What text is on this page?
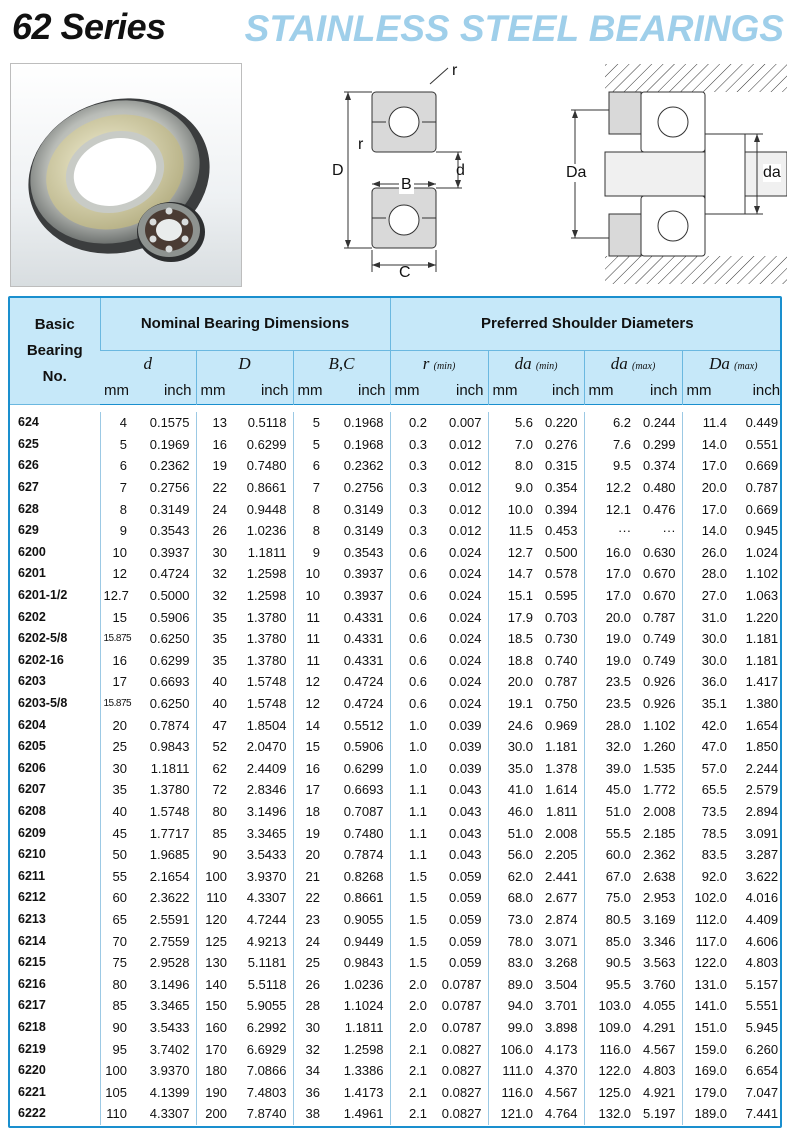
62 Series STAINLESS STEEL BEARINGS
r
r
D	d
B
C
Da	da
Basic
Bearing
No.	Nominal Bearing Dimensions						Preferred Shoulder Diameters							
	d		D		B,C		r (min)		da (min)		da (max)		Da (max)	
	mm	inch	mm	inch	mm	inch	mm	inch	mm	inch	mm	inch	mm	inch

624	4	0.1575	13	0.5118	5	0.1968	0.2	0.007	5.6	0.220	6.2	0.244	11.4	0.449
625	5	0.1969	16	0.6299	5	0.1968	0.3	0.012	7.0	0.276	7.6	0.299	14.0	0.551
626	6	0.2362	19	0.7480	6	0.2362	0.3	0.012	8.0	0.315	9.5	0.374	17.0	0.669
627	7	0.2756	22	0.8661	7	0.2756	0.3	0.012	9.0	0.354	12.2	0.480	20.0	0.787
628	8	0.3149	24	0.9448	8	0.3149	0.3	0.012	10.0	0.394	12.1	0.476	17.0	0.669
629	9	0.3543	26	1.0236	8	0.3149	0.3	0.012	11.5	0.453	···	···	14.0	0.945
6200	10	0.3937	30	1.1811	9	0.3543	0.6	0.024	12.7	0.500	16.0	0.630	26.0	1.024
6201	12	0.4724	32	1.2598	10	0.3937	0.6	0.024	14.7	0.578	17.0	0.670	28.0	1.102
6201-1/2	12.7	0.5000	32	1.2598	10	0.3937	0.6	0.024	15.1	0.595	17.0	0.670	27.0	1.063
6202	15	0.5906	35	1.3780	11	0.4331	0.6	0.024	17.9	0.703	20.0	0.787	31.0	1.220
6202-5/8	15.875	0.6250	35	1.3780	11	0.4331	0.6	0.024	18.5	0.730	19.0	0.749	30.0	1.181
6202-16	16	0.6299	35	1.3780	11	0.4331	0.6	0.024	18.8	0.740	19.0	0.749	30.0	1.181
6203	17	0.6693	40	1.5748	12	0.4724	0.6	0.024	20.0	0.787	23.5	0.926	36.0	1.417
6203-5/8	15.875	0.6250	40	1.5748	12	0.4724	0.6	0.024	19.1	0.750	23.5	0.926	35.1	1.380
6204	20	0.7874	47	1.8504	14	0.5512	1.0	0.039	24.6	0.969	28.0	1.102	42.0	1.654
6205	25	0.9843	52	2.0470	15	0.5906	1.0	0.039	30.0	1.181	32.0	1.260	47.0	1.850
6206	30	1.1811	62	2.4409	16	0.6299	1.0	0.039	35.0	1.378	39.0	1.535	57.0	2.244
6207	35	1.3780	72	2.8346	17	0.6693	1.1	0.043	41.0	1.614	45.0	1.772	65.5	2.579
6208	40	1.5748	80	3.1496	18	0.7087	1.1	0.043	46.0	1.811	51.0	2.008	73.5	2.894
6209	45	1.7717	85	3.3465	19	0.7480	1.1	0.043	51.0	2.008	55.5	2.185	78.5	3.091
6210	50	1.9685	90	3.5433	20	0.7874	1.1	0.043	56.0	2.205	60.0	2.362	83.5	3.287
6211	55	2.1654	100	3.9370	21	0.8268	1.5	0.059	62.0	2.441	67.0	2.638	92.0	3.622
6212	60	2.3622	110	4.3307	22	0.8661	1.5	0.059	68.0	2.677	75.0	2.953	102.0	4.016
6213	65	2.5591	120	4.7244	23	0.9055	1.5	0.059	73.0	2.874	80.5	3.169	112.0	4.409
6214	70	2.7559	125	4.9213	24	0.9449	1.5	0.059	78.0	3.071	85.0	3.346	117.0	4.606
6215	75	2.9528	130	5.1181	25	0.9843	1.5	0.059	83.0	3.268	90.5	3.563	122.0	4.803
6216	80	3.1496	140	5.5118	26	1.0236	2.0	0.0787	89.0	3.504	95.5	3.760	131.0	5.157
6217	85	3.3465	150	5.9055	28	1.1024	2.0	0.0787	94.0	3.701	103.0	4.055	141.0	5.551
6218	90	3.5433	160	6.2992	30	1.1811	2.0	0.0787	99.0	3.898	109.0	4.291	151.0	5.945
6219	95	3.7402	170	6.6929	32	1.2598	2.1	0.0827	106.0	4.173	116.0	4.567	159.0	6.260
6220	100	3.9370	180	7.0866	34	1.3386	2.1	0.0827	111.0	4.370	122.0	4.803	169.0	6.654
6221	105	4.1399	190	7.4803	36	1.4173	2.1	0.0827	116.0	4.567	125.0	4.921	179.0	7.047
6222	110	4.3307	200	7.8740	38	1.4961	2.1	0.0827	121.0	4.764	132.0	5.197	189.0	7.441
